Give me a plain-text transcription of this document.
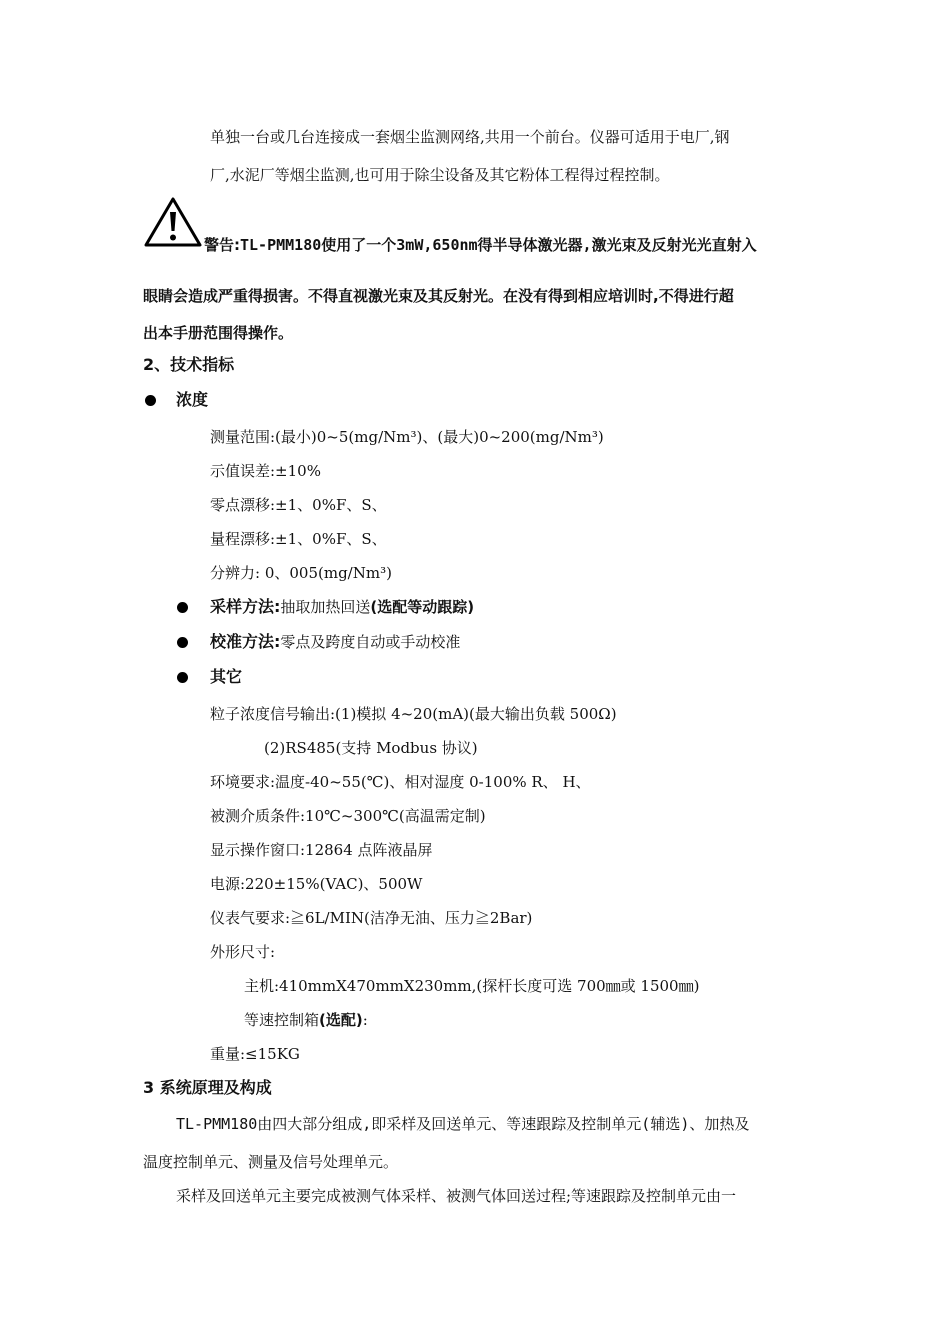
单独一台或几台连接成一套烟尘监测网络,共用一个前台。仪器可适用于电厂,钢
厂,水泥厂等烟尘监测,也可用于除尘设备及其它粉体工程得过程控制。
警告:TL-PMM180使用了一个3mW,650nm得半导体激光器,激光束及反射光光直射入
眼睛会造成严重得损害。不得直视激光束及其反射光。在没有得到相应培训时,不得进行超
出本手册范围得操作。
2、技术指标
浓度
测量范围:(最小)0~5(mg/Nm³)、(最大)0~200(mg/Nm³)
示值误差:±10%
零点漂移:±1、0%F、S、
量程漂移:±1、0%F、S、
分辨力: 0、005(mg/Nm³)
采样方法:抽取加热回送(选配等动跟踪)
校准方法:零点及跨度自动或手动校准
其它
粒子浓度信号输出:(1)模拟 4~20(mA)(最大输出负载 500Ω)
(2)RS485(支持 Modbus 协议)
环境要求:温度-40~55(℃)、相对湿度 0-100% R、 H、
被测介质条件:10℃~300℃(高温需定制)
显示操作窗口:12864 点阵液晶屏
电源:220±15%(VAC)、500W
仪表气要求:≧6L/MIN(洁净无油、压力≧2Bar)
外形尺寸:
主机:410mmX470mmX230mm,(探杆长度可选 700㎜或 1500㎜)
等速控制箱(选配):
重量:≤15KG
3 系统原理及构成
TL-PMM180由四大部分组成,即采样及回送单元、等速跟踪及控制单元(辅选)、加热及
温度控制单元、测量及信号处理单元。
采样及回送单元主要完成被测气体采样、被测气体回送过程;等速跟踪及控制单元由一
